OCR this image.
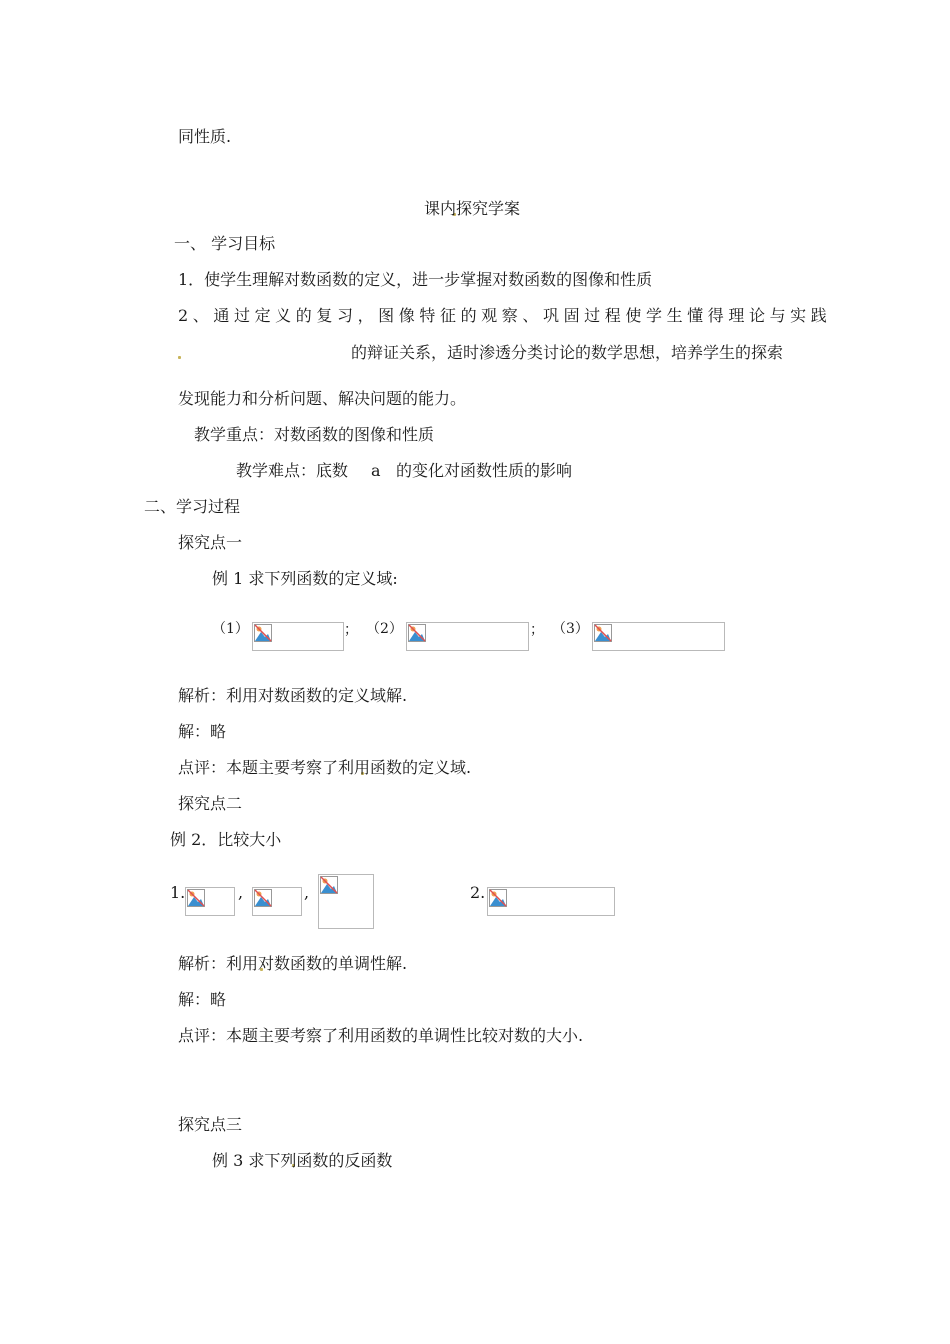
同性质.
课内探究学案
一、 学习目标
1．使学生理解对数函数的定义，进一步掌握对数函数的图像和性质
2、通过定义的复习，图像特征的观察、巩固过程使学生懂得理论与实践
的辩证关系，适时渗透分类讨论的数学思想，培养学生的探索
发现能力和分析问题、解决问题的能力。
教学重点：对数函数的图像和性质
教学难点：底数 a 的变化对函数性质的影响
二、学习过程
探究点一
例 1 求下列函数的定义域:
（1）	； （2）	； （3）
解析：利用对数函数的定义域解.
解：略
点评：本题主要考察了利用函数的定义域.
探究点二
例 2．比较大小
1.	,	,	2.
解析：利用对数函数的单调性解.
解：略
点评：本题主要考察了利用函数的单调性比较对数的大小.
探究点三
例 3 求下列函数的反函数
